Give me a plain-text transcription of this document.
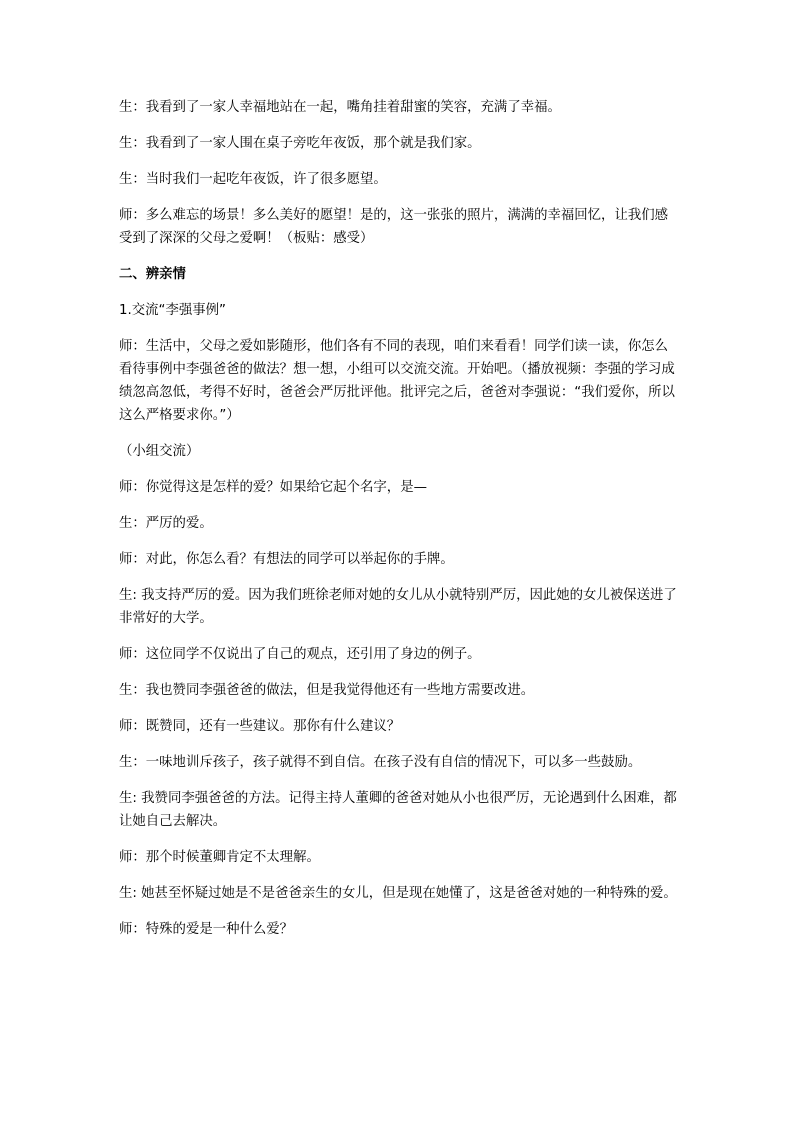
生：我看到了一家人幸福地站在一起，嘴角挂着甜蜜的笑容，充满了幸福。

生：我看到了一家人围在桌子旁吃年夜饭，那个就是我们家。

生：当时我们一起吃年夜饭，许了很多愿望。

师：多么难忘的场景！多么美好的愿望！是的，这一张张的照片，满满的幸福回忆，让我们感受到了深深的父母之爱啊！（板贴：感受）

二、辨亲情

1.交流“李强事例”

师：生活中，父母之爱如影随形，他们各有不同的表现，咱们来看看！同学们读一读，你怎么看待事例中李强爸爸的做法？想一想，小组可以交流交流。开始吧。（播放视频：李强的学习成绩忽高忽低，考得不好时，爸爸会严厉批评他。批评完之后，爸爸对李强说：“我们爱你，所以这么严格要求你。”）

（小组交流）

师：你觉得这是怎样的爱？如果给它起个名字，是—

生：严厉的爱。

师：对此，你怎么看？有想法的同学可以举起你的手牌。

生: 我支持严厉的爱。因为我们班徐老师对她的女儿从小就特别严厉，因此她的女儿被保送进了非常好的大学。

师：这位同学不仅说出了自己的观点，还引用了身边的例子。

生：我也赞同李强爸爸的做法，但是我觉得他还有一些地方需要改进。

师：既赞同，还有一些建议。那你有什么建议？

生：一味地训斥孩子，孩子就得不到自信。在孩子没有自信的情况下，可以多一些鼓励。

生: 我赞同李强爸爸的方法。记得主持人董卿的爸爸对她从小也很严厉，无论遇到什么困难，都让她自己去解决。

师：那个时候董卿肯定不太理解。

生: 她甚至怀疑过她是不是爸爸亲生的女儿，但是现在她懂了，这是爸爸对她的一种特殊的爱。

师：特殊的爱是一种什么爱？
